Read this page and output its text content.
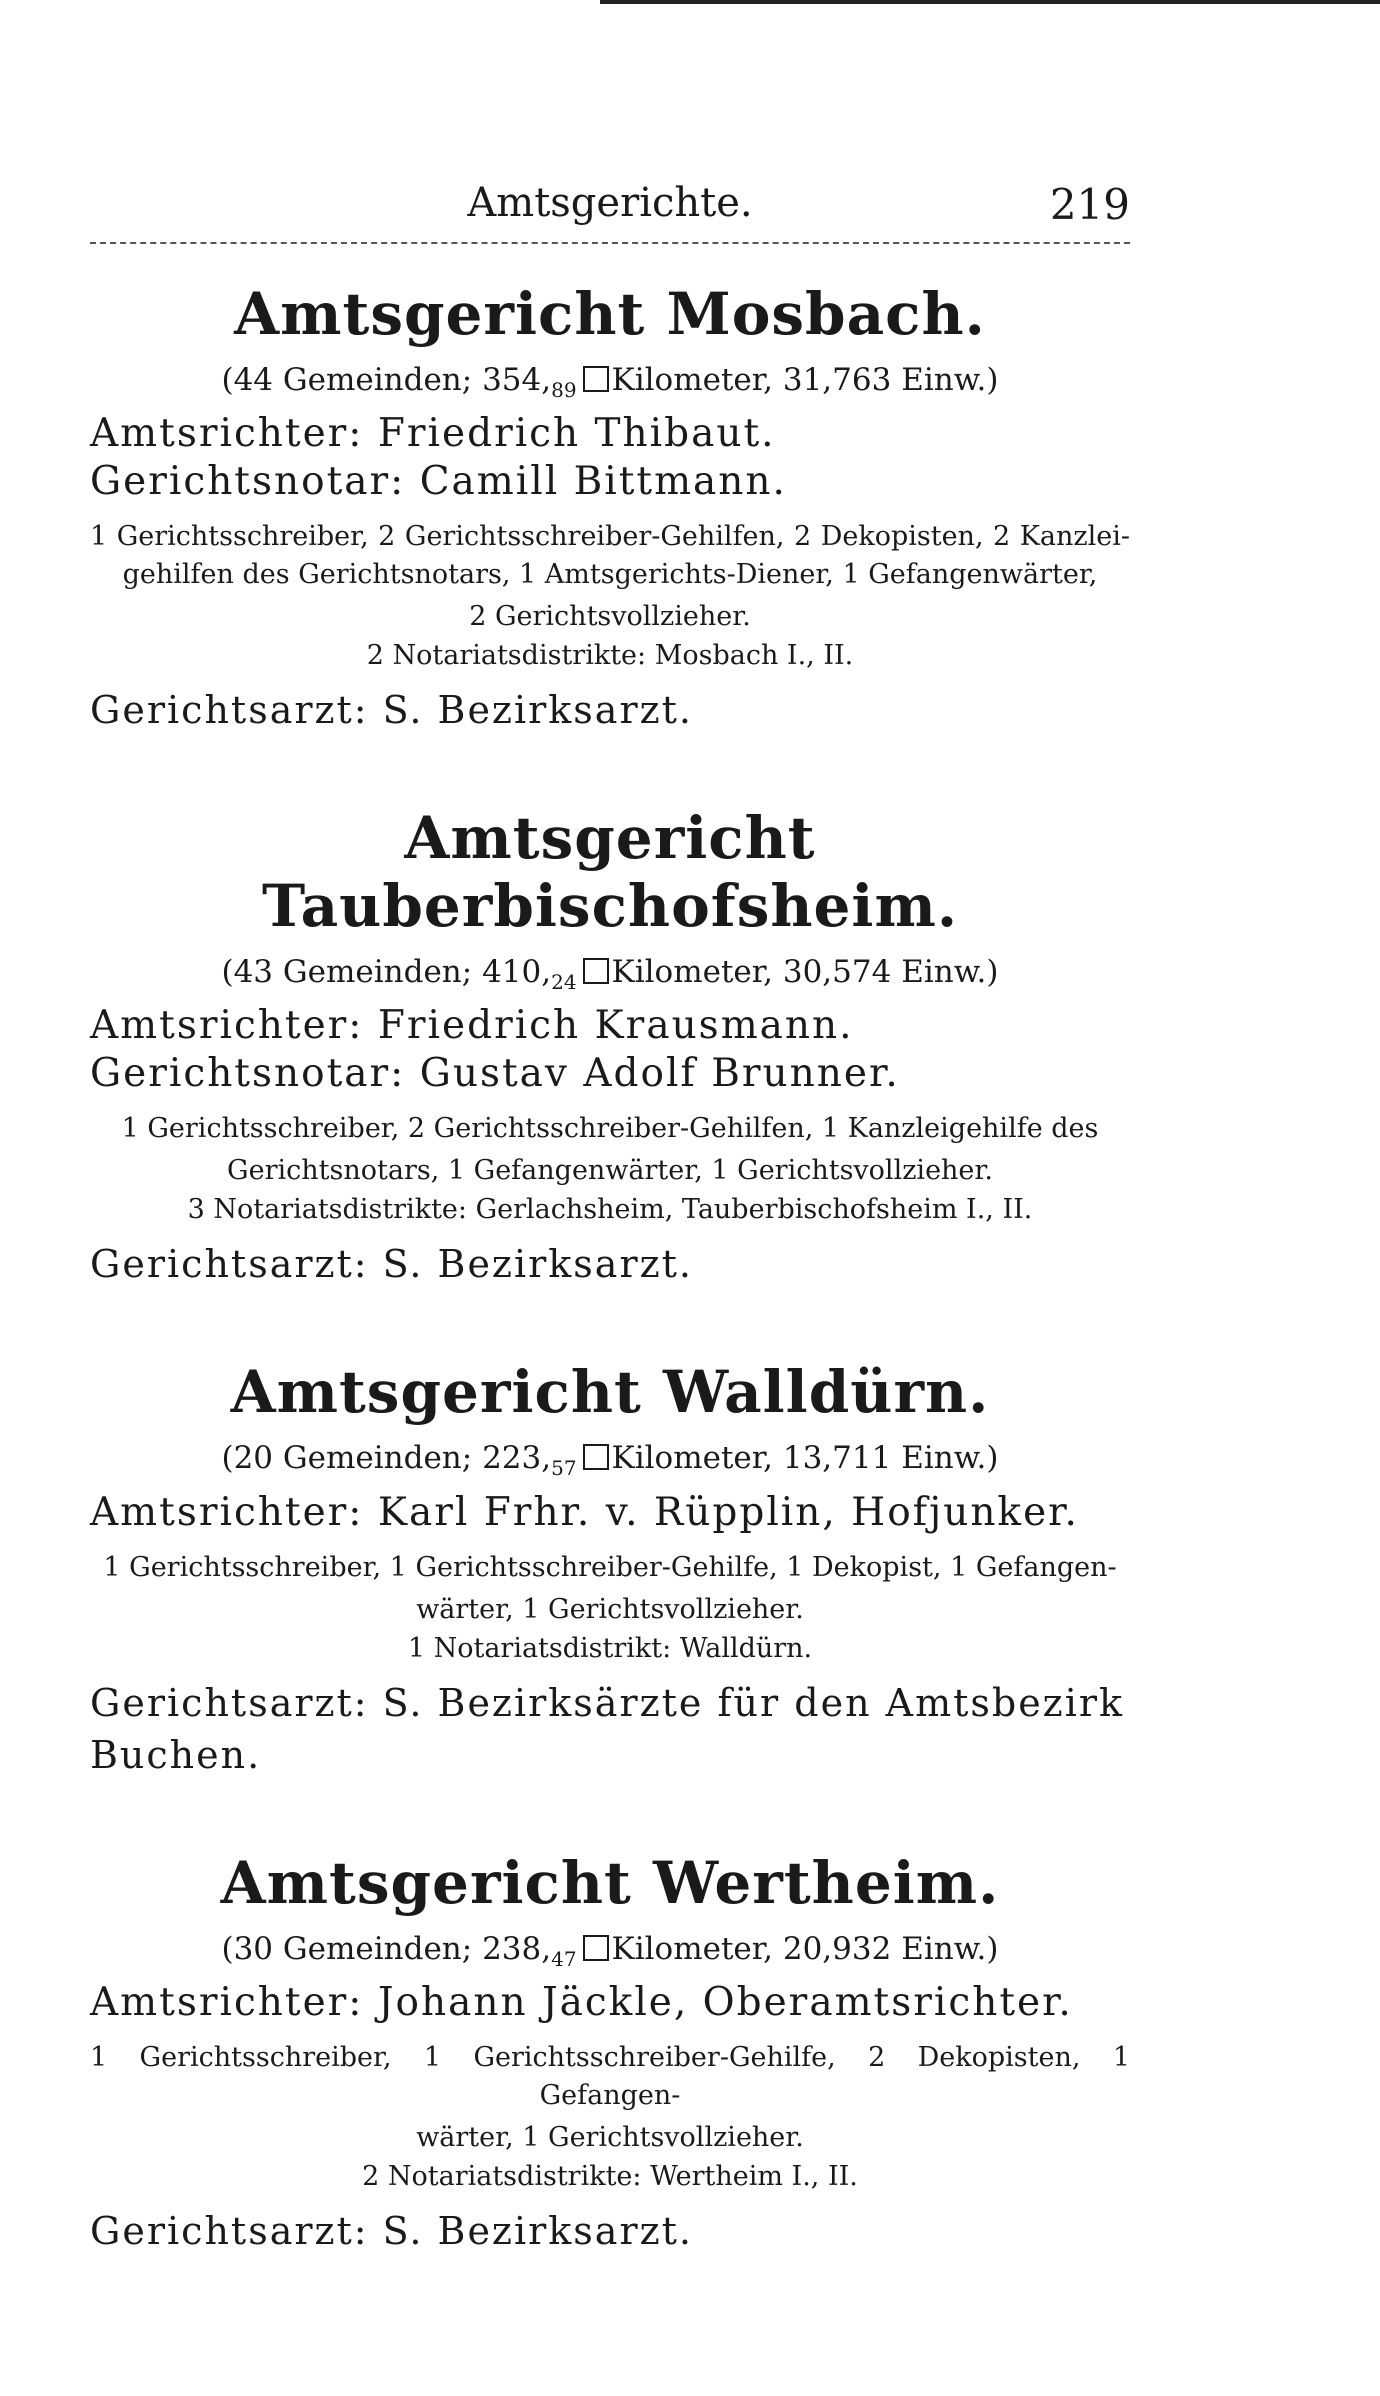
Amtsgerichte.	219
Amtsgericht Mosbach.
(44 Gemeinden; $354,_{89}$ Kilometer, 31,763 Einw.)
Amtsrichter: Friedrich Thibaut.
Gerichtsnotar: Camill Bittmann.
1 Gerichtsschreiber, 2 Gerichtsschreiber-Gehilfen, 2 Dekopisten, 2 Kanzlei-gehilfen des Gerichtsnotars, 1 Amtsgerichts-Diener, 1 Gefangenwärter,
2 Gerichtsvollzieher.
2 Notariatsdistrikte: Mosbach I., II.
Gerichtsarzt: S. Bezirksarzt.
Amtsgericht Tauberbischofsheim.
(43 Gemeinden; $410,_{24}$ Kilometer, 30,574 Einw.)
Amtsrichter: Friedrich Krausmann.
Gerichtsnotar: Gustav Adolf Brunner.
1 Gerichtsschreiber, 2 Gerichtsschreiber-Gehilfen, 1 Kanzleigehilfe des
Gerichtsnotars, 1 Gefangenwärter, 1 Gerichtsvollzieher.
3 Notariatsdistrikte: Gerlachsheim, Tauberbischofsheim I., II.
Gerichtsarzt: S. Bezirksarzt.
Amtsgericht Walldürn.
(20 Gemeinden; $223,_{57}$ Kilometer, 13,711 Einw.)
Amtsrichter: Karl Frhr. v. Rüpplin, Hofjunker.
1 Gerichtsschreiber, 1 Gerichtsschreiber-Gehilfe, 1 Dekopist, 1 Gefangen-
wärter, 1 Gerichtsvollzieher.
1 Notariatsdistrikt: Walldürn.
Gerichtsarzt: S. Bezirksärzte für den Amtsbezirk Buchen.
Amtsgericht Wertheim.
(30 Gemeinden; $238,_{47}$ Kilometer, 20,932 Einw.)
Amtsrichter: Johann Jäckle, Oberamtsrichter.
1 Gerichtsschreiber, 1 Gerichtsschreiber-Gehilfe, 2 Dekopisten, 1 Gefangen-
wärter, 1 Gerichtsvollzieher.
2 Notariatsdistrikte: Wertheim I., II.
Gerichtsarzt: S. Bezirksarzt.
